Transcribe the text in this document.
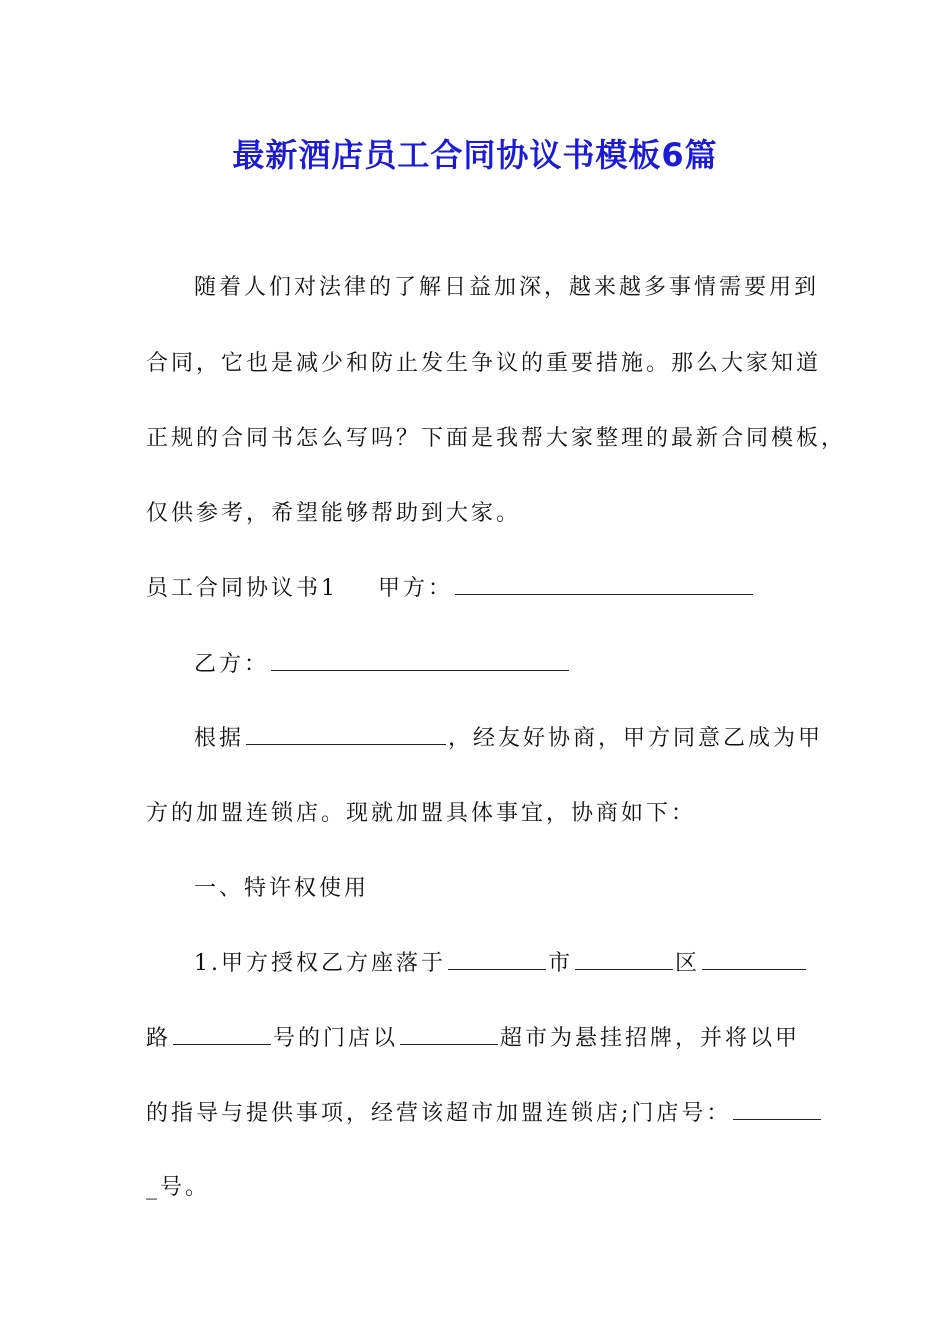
最新酒店员工合同协议书模板6篇
随着人们对法律的了解日益加深，越来越多事情需要用到
合同，它也是减少和防止发生争议的重要措施。那么大家知道
正规的合同书怎么写吗？下面是我帮大家整理的最新合同模板，
仅供参考，希望能够帮助到大家。
员工合同协议书1 甲方：
乙方：
根据	，经友好协商，甲方同意乙成为甲
方的加盟连锁店。现就加盟具体事宜，协商如下：
一、特许权使用
1.甲方授权乙方座落于	市	区
路	号的门店以	超市为悬挂招牌，并将以甲
的指导与提供事项，经营该超市加盟连锁店;门店号：
_号。
